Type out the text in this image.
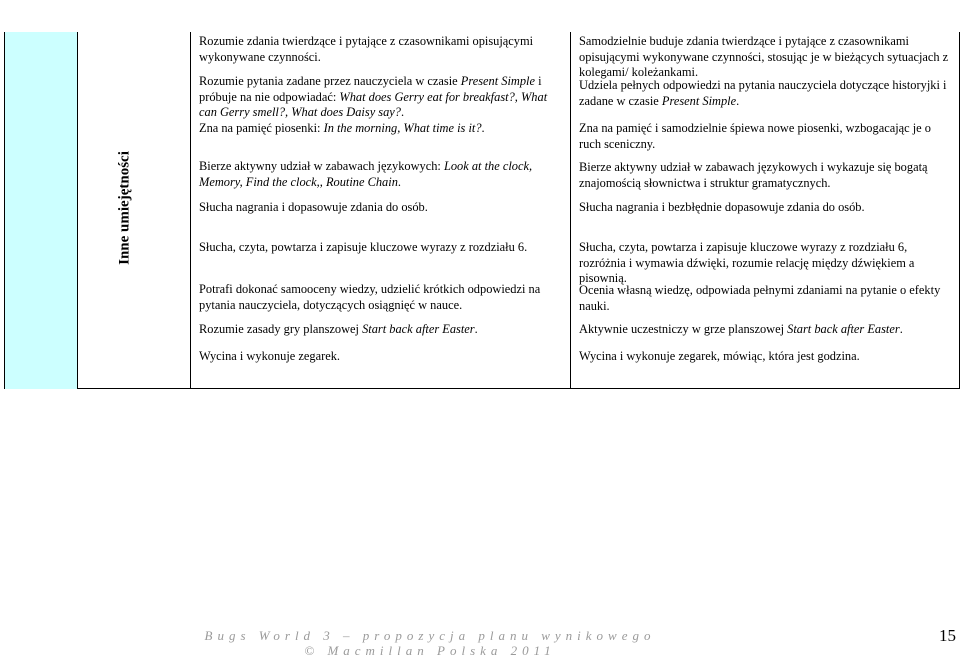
Inne umiejętności
Rozumie zdania twierdzące i pytające z czasownikami opisującymi wykonywane czynności.
Rozumie pytania zadane przez nauczyciela w czasie Present Simple i próbuje na nie odpowiadać: What does Gerry eat for breakfast?, What can Gerry smell?, What does Daisy say?.
Zna na pamięć piosenki: In the morning, What time is it?.
Bierze aktywny udział w zabawach językowych: Look at the clock, Memory, Find the clock,, Routine Chain.
Słucha nagrania i dopasowuje zdania do osób.
Słucha, czyta, powtarza i zapisuje kluczowe wyrazy z rozdziału 6.
Potrafi dokonać samooceny wiedzy, udzielić krótkich odpowiedzi na pytania nauczyciela, dotyczących osiągnięć w nauce.
Rozumie zasady gry planszowej Start back after Easter.
Wycina i wykonuje zegarek.
Samodzielnie buduje zdania twierdzące i pytające z czasownikami opisującymi wykonywane czynności, stosując je w bieżących sytuacjach z kolegami/ koleżankami.
Udziela pełnych odpowiedzi na pytania nauczyciela dotyczące historyjki i zadane w czasie Present Simple.
Zna na pamięć i samodzielnie śpiewa nowe piosenki, wzbogacając je o ruch sceniczny.
Bierze aktywny udział w zabawach językowych i wykazuje się bogatą znajomością słownictwa i struktur gramatycznych.
Słucha nagrania i bezbłędnie dopasowuje zdania do osób.
Słucha, czyta, powtarza i zapisuje kluczowe wyrazy z rozdziału 6, rozróżnia i wymawia dźwięki, rozumie relację między dźwiękiem a pisownią.
Ocenia własną wiedzę, odpowiada pełnymi zdaniami na pytanie o efekty nauki.
Aktywnie uczestniczy w grze planszowej Start back after Easter.
Wycina i wykonuje zegarek, mówiąc, która jest godzina.
Bugs World 3 – propozycja planu wynikowego
© Macmillan Polska 2011
15
